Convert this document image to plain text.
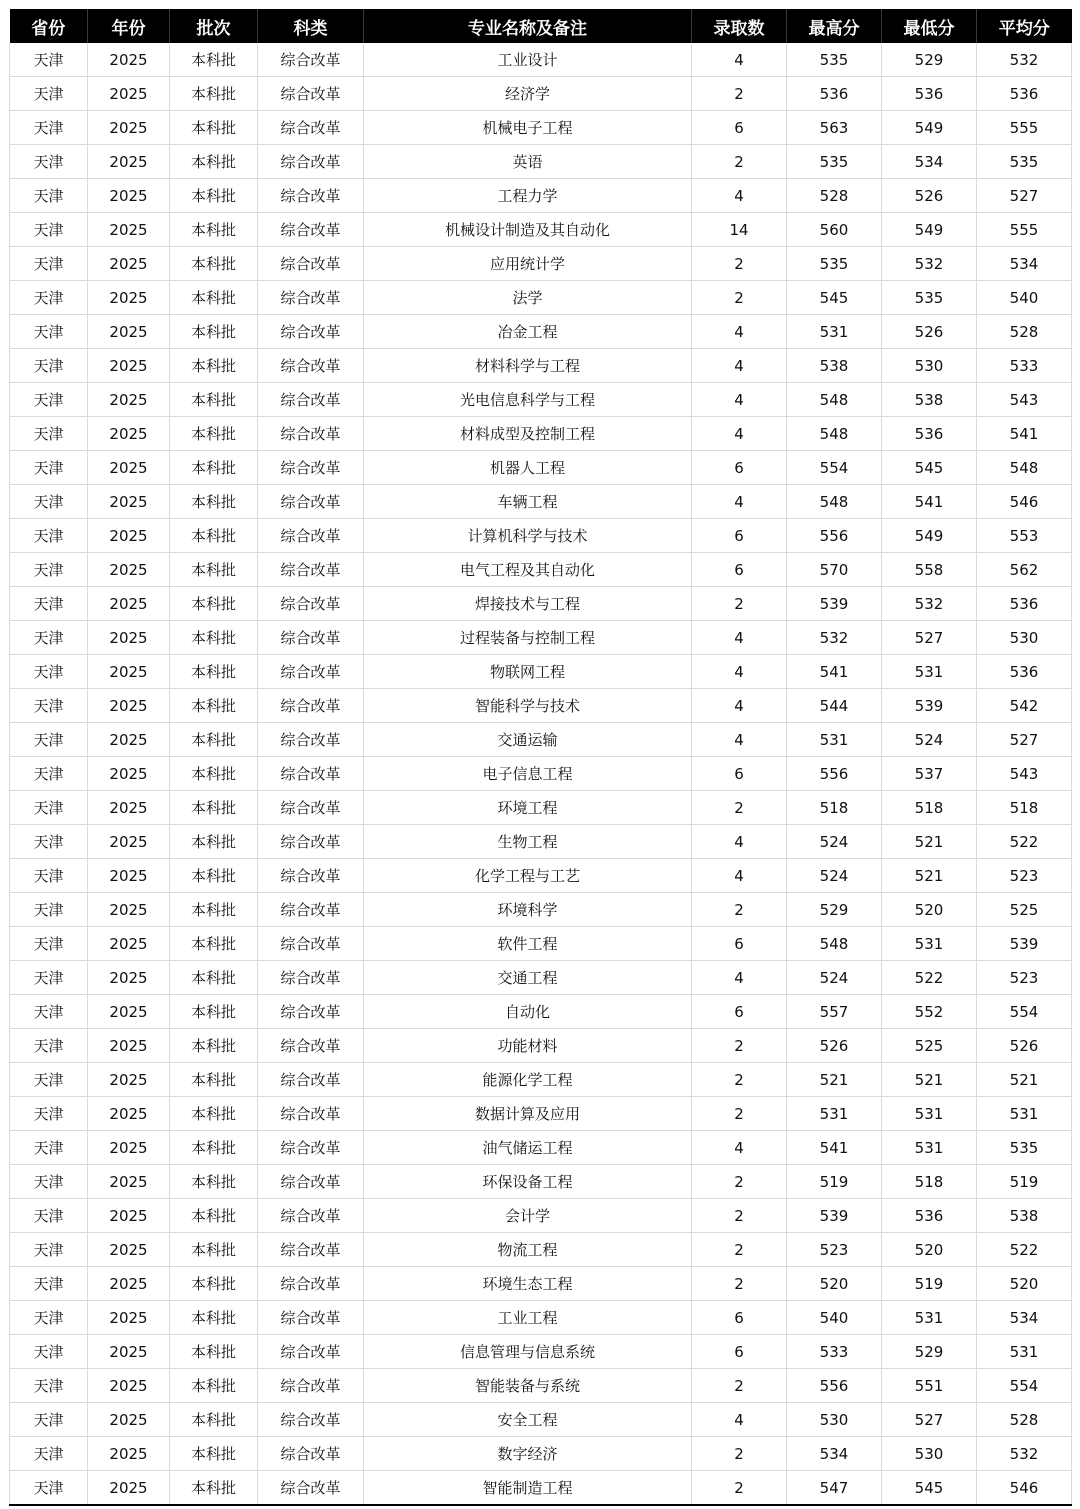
省份	年份	批次	科类	专业名称及备注	录取数	最高分	最低分	平均分
天津	2025	本科批	综合改革	工业设计	4	535	529	532
天津	2025	本科批	综合改革	经济学	2	536	536	536
天津	2025	本科批	综合改革	机械电子工程	6	563	549	555
天津	2025	本科批	综合改革	英语	2	535	534	535
天津	2025	本科批	综合改革	工程力学	4	528	526	527
天津	2025	本科批	综合改革	机械设计制造及其自动化	14	560	549	555
天津	2025	本科批	综合改革	应用统计学	2	535	532	534
天津	2025	本科批	综合改革	法学	2	545	535	540
天津	2025	本科批	综合改革	冶金工程	4	531	526	528
天津	2025	本科批	综合改革	材料科学与工程	4	538	530	533
天津	2025	本科批	综合改革	光电信息科学与工程	4	548	538	543
天津	2025	本科批	综合改革	材料成型及控制工程	4	548	536	541
天津	2025	本科批	综合改革	机器人工程	6	554	545	548
天津	2025	本科批	综合改革	车辆工程	4	548	541	546
天津	2025	本科批	综合改革	计算机科学与技术	6	556	549	553
天津	2025	本科批	综合改革	电气工程及其自动化	6	570	558	562
天津	2025	本科批	综合改革	焊接技术与工程	2	539	532	536
天津	2025	本科批	综合改革	过程装备与控制工程	4	532	527	530
天津	2025	本科批	综合改革	物联网工程	4	541	531	536
天津	2025	本科批	综合改革	智能科学与技术	4	544	539	542
天津	2025	本科批	综合改革	交通运输	4	531	524	527
天津	2025	本科批	综合改革	电子信息工程	6	556	537	543
天津	2025	本科批	综合改革	环境工程	2	518	518	518
天津	2025	本科批	综合改革	生物工程	4	524	521	522
天津	2025	本科批	综合改革	化学工程与工艺	4	524	521	523
天津	2025	本科批	综合改革	环境科学	2	529	520	525
天津	2025	本科批	综合改革	软件工程	6	548	531	539
天津	2025	本科批	综合改革	交通工程	4	524	522	523
天津	2025	本科批	综合改革	自动化	6	557	552	554
天津	2025	本科批	综合改革	功能材料	2	526	525	526
天津	2025	本科批	综合改革	能源化学工程	2	521	521	521
天津	2025	本科批	综合改革	数据计算及应用	2	531	531	531
天津	2025	本科批	综合改革	油气储运工程	4	541	531	535
天津	2025	本科批	综合改革	环保设备工程	2	519	518	519
天津	2025	本科批	综合改革	会计学	2	539	536	538
天津	2025	本科批	综合改革	物流工程	2	523	520	522
天津	2025	本科批	综合改革	环境生态工程	2	520	519	520
天津	2025	本科批	综合改革	工业工程	6	540	531	534
天津	2025	本科批	综合改革	信息管理与信息系统	6	533	529	531
天津	2025	本科批	综合改革	智能装备与系统	2	556	551	554
天津	2025	本科批	综合改革	安全工程	4	530	527	528
天津	2025	本科批	综合改革	数字经济	2	534	530	532
天津	2025	本科批	综合改革	智能制造工程	2	547	545	546
